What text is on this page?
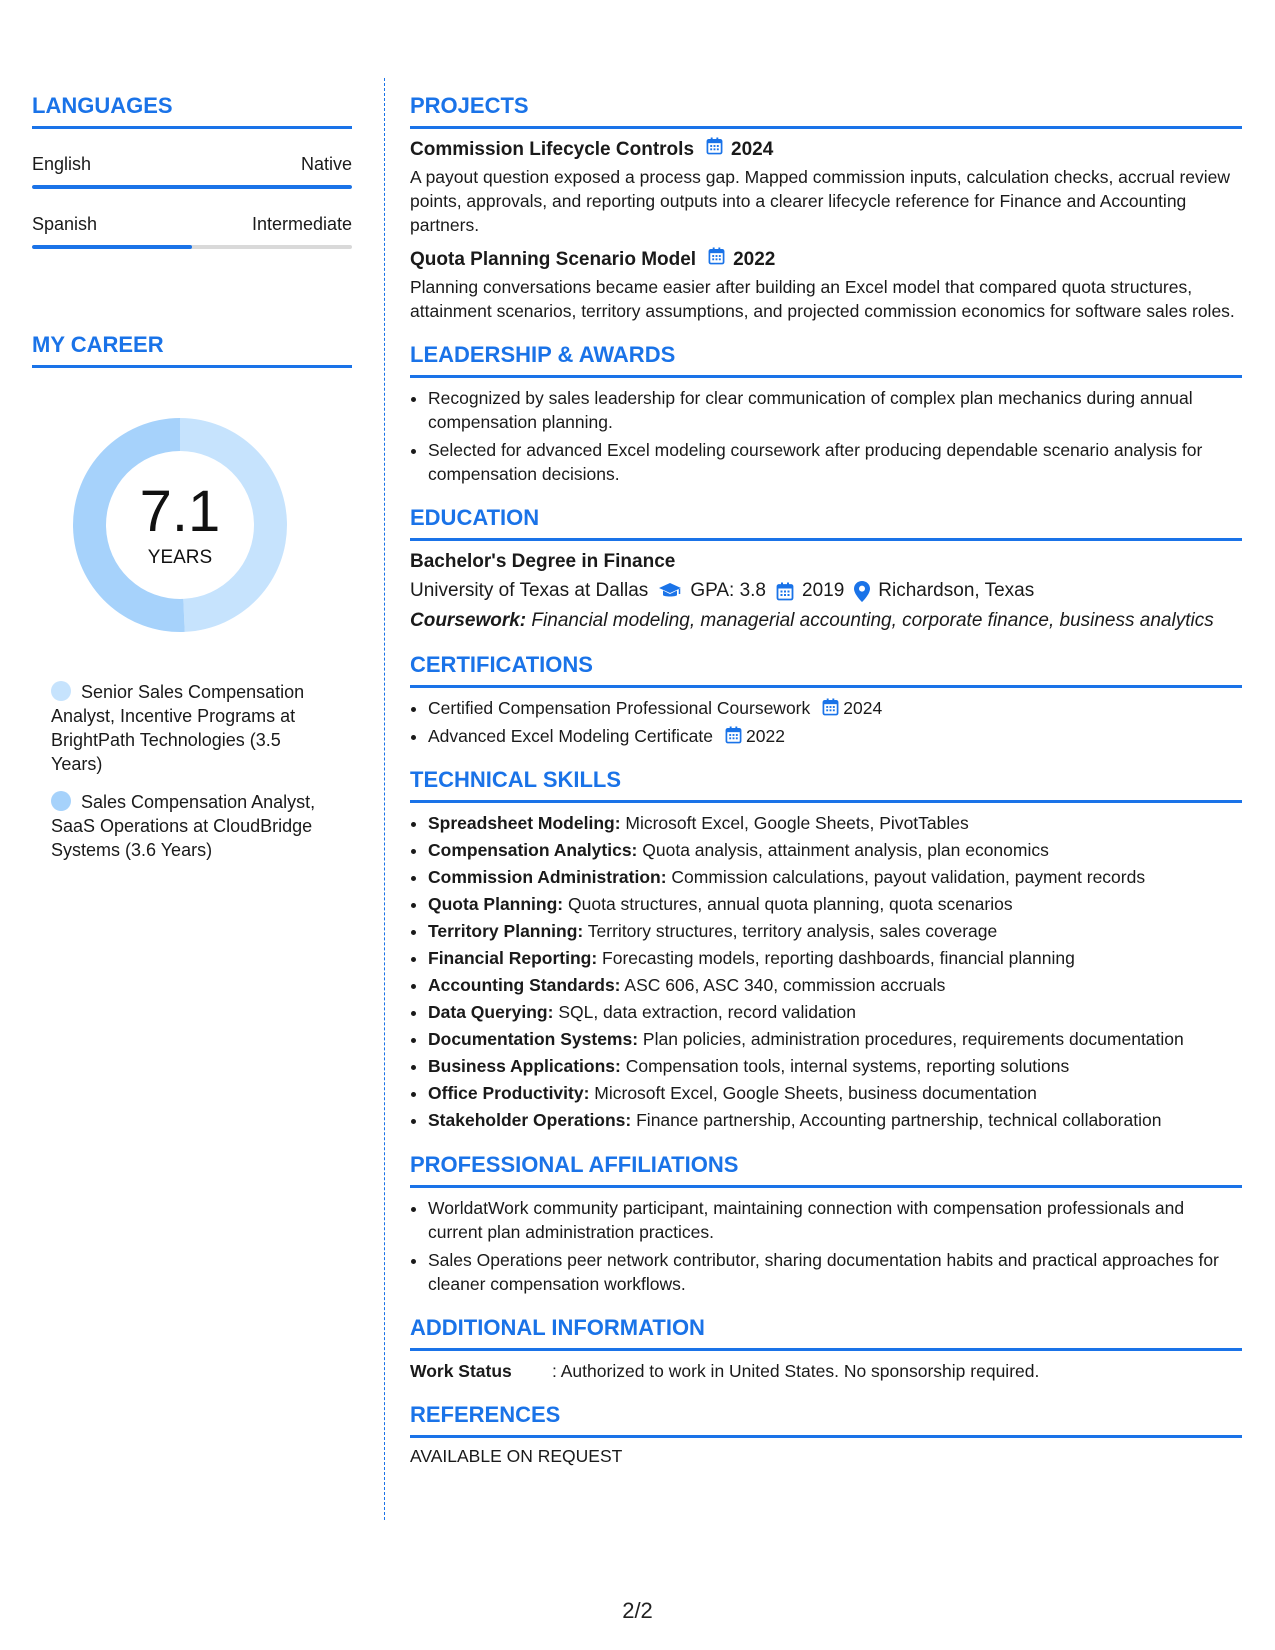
LANGUAGES
English	Native
Spanish	Intermediate
MY CAREER
7.1
YEARS
Senior Sales Compensation Analyst, Incentive Programs at BrightPath Technologies (3.5 Years)
Sales Compensation Analyst, SaaS Operations at CloudBridge Systems (3.6 Years)
PROJECTS
Commission Lifecycle Controls 2024
A payout question exposed a process gap. Mapped commission inputs, calculation checks, accrual review points, approvals, and reporting outputs into a clearer lifecycle reference for Finance and Accounting partners.
Quota Planning Scenario Model 2022
Planning conversations became easier after building an Excel model that compared quota structures, attainment scenarios, territory assumptions, and projected commission economics for software sales roles.
LEADERSHIP & AWARDS
• Recognized by sales leadership for clear communication of complex plan mechanics during annual compensation planning.
• Selected for advanced Excel modeling coursework after producing dependable scenario analysis for compensation decisions.
EDUCATION
Bachelor's Degree in Finance
University of Texas at Dallas GPA: 3.8 2019 Richardson, Texas
Coursework: Financial modeling, managerial accounting, corporate finance, business analytics
CERTIFICATIONS
• Certified Compensation Professional Coursework 2024
• Advanced Excel Modeling Certificate 2022
TECHNICAL SKILLS
• Spreadsheet Modeling: Microsoft Excel, Google Sheets, PivotTables
• Compensation Analytics: Quota analysis, attainment analysis, plan economics
• Commission Administration: Commission calculations, payout validation, payment records
• Quota Planning: Quota structures, annual quota planning, quota scenarios
• Territory Planning: Territory structures, territory analysis, sales coverage
• Financial Reporting: Forecasting models, reporting dashboards, financial planning
• Accounting Standards: ASC 606, ASC 340, commission accruals
• Data Querying: SQL, data extraction, record validation
• Documentation Systems: Plan policies, administration procedures, requirements documentation
• Business Applications: Compensation tools, internal systems, reporting solutions
• Office Productivity: Microsoft Excel, Google Sheets, business documentation
• Stakeholder Operations: Finance partnership, Accounting partnership, technical collaboration
PROFESSIONAL AFFILIATIONS
• WorldatWork community participant, maintaining connection with compensation professionals and current plan administration practices.
• Sales Operations peer network contributor, sharing documentation habits and practical approaches for cleaner compensation workflows.
ADDITIONAL INFORMATION
Work Status	: Authorized to work in United States. No sponsorship required.
REFERENCES
AVAILABLE ON REQUEST
2/2
